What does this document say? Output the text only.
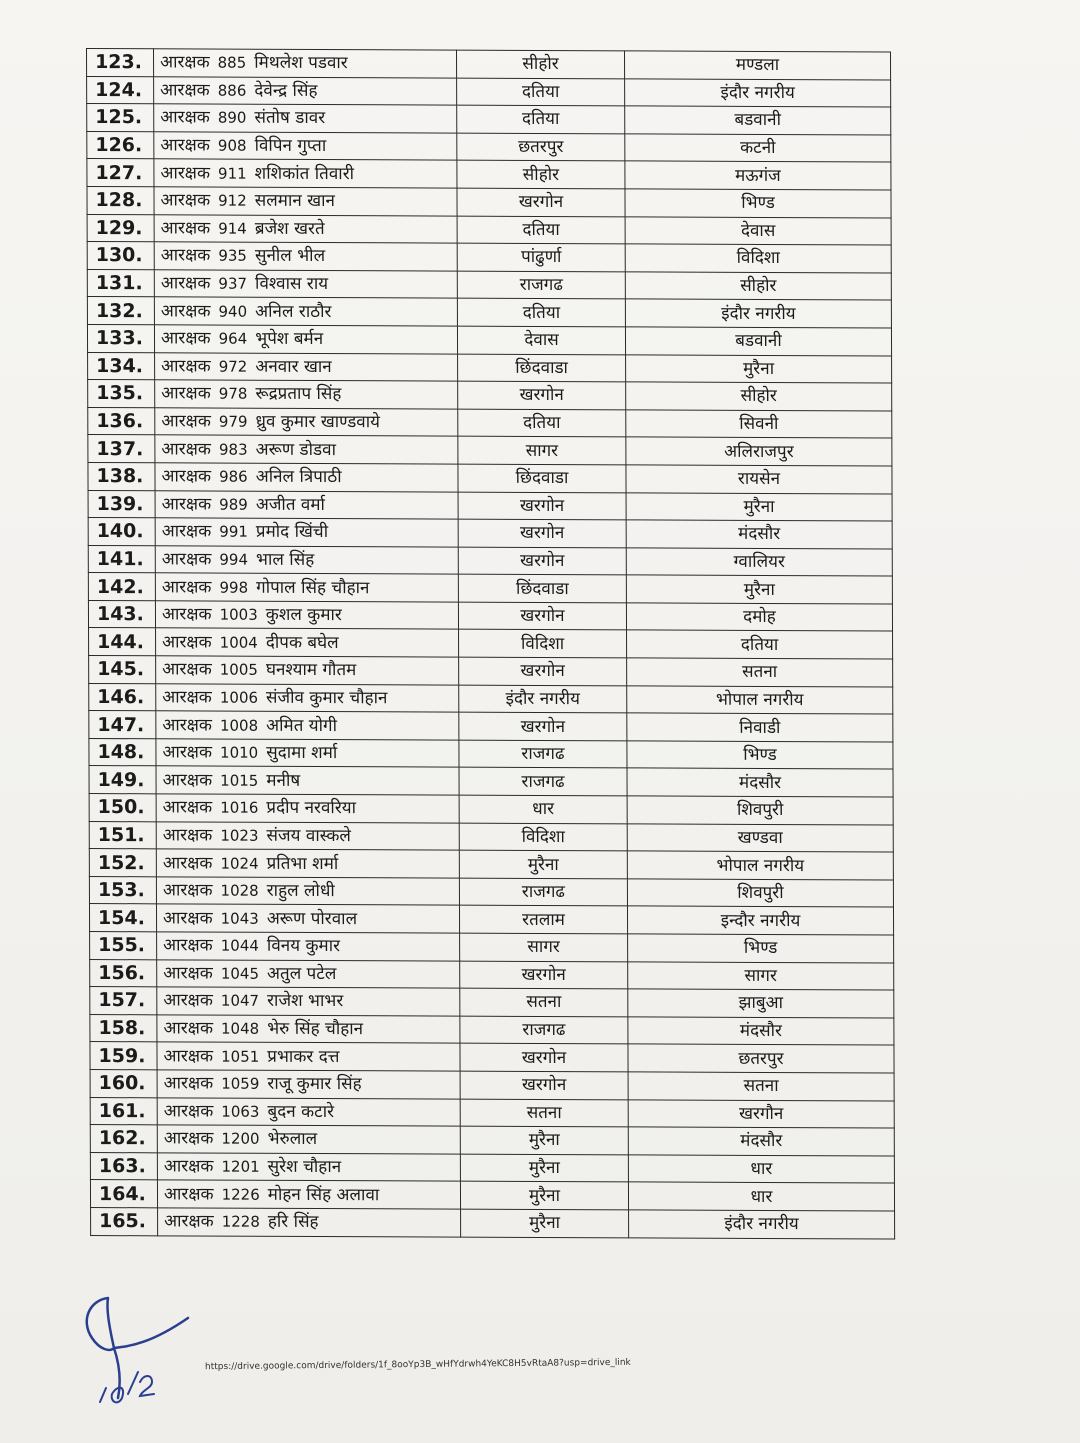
123.	आरक्षक 885 मिथलेश पडवार	सीहोर	मण्डला
124.	आरक्षक 886 देवेन्द्र सिंह	दतिया	इंदौर नगरीय
125.	आरक्षक 890 संतोष डावर	दतिया	बडवानी
126.	आरक्षक 908 विपिन गुप्ता	छतरपुर	कटनी
127.	आरक्षक 911 शशिकांत तिवारी	सीहोर	मऊगंज
128.	आरक्षक 912 सलमान खान	खरगोन	भिण्ड
129.	आरक्षक 914 ब्रजेश खरते	दतिया	देवास
130.	आरक्षक 935 सुनील भील	पांढुर्णा	विदिशा
131.	आरक्षक 937 विश्वास राय	राजगढ	सीहोर
132.	आरक्षक 940 अनिल राठौर	दतिया	इंदौर नगरीय
133.	आरक्षक 964 भूपेश बर्मन	देवास	बडवानी
134.	आरक्षक 972 अनवार खान	छिंदवाडा	मुरैना
135.	आरक्षक 978 रूद्रप्रताप सिंह	खरगोन	सीहोर
136.	आरक्षक 979 ध्रुव कुमार खाण्डवाये	दतिया	सिवनी
137.	आरक्षक 983 अरूण डोडवा	सागर	अलिराजपुर
138.	आरक्षक 986 अनिल त्रिपाठी	छिंदवाडा	रायसेन
139.	आरक्षक 989 अजीत वर्मा	खरगोन	मुरैना
140.	आरक्षक 991 प्रमोद खिंची	खरगोन	मंदसौर
141.	आरक्षक 994 भाल सिंह	खरगोन	ग्वालियर
142.	आरक्षक 998 गोपाल सिंह चौहान	छिंदवाडा	मुरैना
143.	आरक्षक 1003 कुशल कुमार	खरगोन	दमोह
144.	आरक्षक 1004 दीपक बघेल	विदिशा	दतिया
145.	आरक्षक 1005 घनश्याम गौतम	खरगोन	सतना
146.	आरक्षक 1006 संजीव कुमार चौहान	इंदौर नगरीय	भोपाल नगरीय
147.	आरक्षक 1008 अमित योगी	खरगोन	निवाडी
148.	आरक्षक 1010 सुदामा शर्मा	राजगढ	भिण्ड
149.	आरक्षक 1015 मनीष	राजगढ	मंदसौर
150.	आरक्षक 1016 प्रदीप नरवरिया	धार	शिवपुरी
151.	आरक्षक 1023 संजय वास्कले	विदिशा	खण्डवा
152.	आरक्षक 1024 प्रतिभा शर्मा	मुरैना	भोपाल नगरीय
153.	आरक्षक 1028 राहुल लोधी	राजगढ	शिवपुरी
154.	आरक्षक 1043 अरूण पोरवाल	रतलाम	इन्दौर नगरीय
155.	आरक्षक 1044 विनय कुमार	सागर	भिण्ड
156.	आरक्षक 1045 अतुल पटेल	खरगोन	सागर
157.	आरक्षक 1047 राजेश भाभर	सतना	झाबुआ
158.	आरक्षक 1048 भेरु सिंह चौहान	राजगढ	मंदसौर
159.	आरक्षक 1051 प्रभाकर दत्त	खरगोन	छतरपुर
160.	आरक्षक 1059 राजू कुमार सिंह	खरगोन	सतना
161.	आरक्षक 1063 बुदन कटारे	सतना	खरगौन
162.	आरक्षक 1200 भेरुलाल	मुरैना	मंदसौर
163.	आरक्षक 1201 सुरेश चौहान	मुरैना	धार
164.	आरक्षक 1226 मोहन सिंह अलावा	मुरैना	धार
165.	आरक्षक 1228 हरि सिंह	मुरैना	इंदौर नगरीय
https://drive.google.com/drive/folders/1f_8ooYp3B_wHfYdrwh4YeKC8H5vRtaA8?usp=drive_link
